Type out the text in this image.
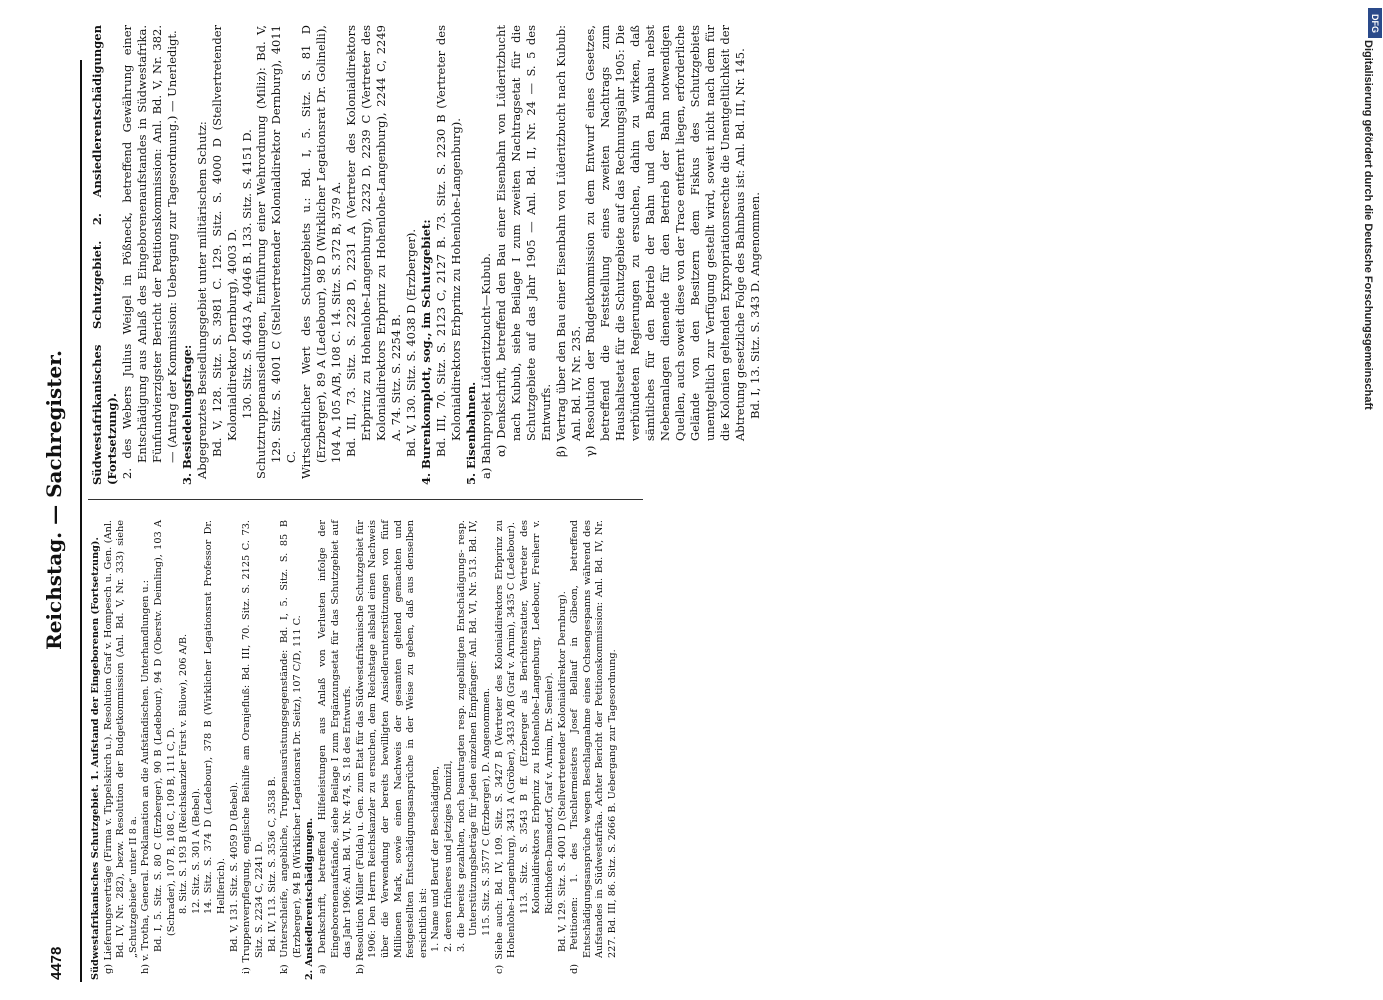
4478
Reichstag. — Sachregister.

Südwestafrikanisches Schutzgebiet. 1. Aufstand der Eingeborenen (Fortsetzung). g) Lieferungsverträge (Firma v. Tippelskirch u.). Resolution Graf v. Hompesch u. Gen. (Anl. Bd. IV, Nr. 282), bezw. Resolution der Budgetkommission (Anl. Bd. V, Nr. 333) siehe „Schutzgebiete“ unter II 8 a. h) v. Trotha, General. Proklamation an die Aufständischen. Unterhandlungen u.: Bd. I, 5. Sitz. S. 80 C (Erzberger), 90 B (Ledebour), 94 D (Oberstv. Deimling), 103 A (Schrader), 107 B, 108 C, 109 B, 111 C, D. 8. Sitz. S. 193 B (Reichskanzler Fürst v. Bülow), 206 A/B. 12. Sitz. S. 301 A (Bebel). 14. Sitz. S. 374 D (Ledebour), 378 B (Wirklicher Legationsrat Professor Dr. Hellferich). Bd. V, 131. Sitz. S. 4059 D (Bebel). i) Truppenverpflegung, englische Beihilfe am Oranjefluß: Bd. III, 70. Sitz. S. 2125 C. 73. Sitz. S. 2234 C, 2241 D. Bd. IV, 113. Sitz. S. 3536 C, 3538 B. k) Unterschleife, angebliche, Truppenausrüstungsgegenstände: Bd. I, 5. Sitz. S. 85 B (Erzberger), 94 B (Wirklicher Legationsrat Dr. Seitz), 107 C/D, 111 C. 2. Ansiedlerentschädigungen. a) Denkschrift, betreffend Hilfeleistungen aus Anlaß von Verlusten infolge der Eingeborenenaufstände, siehe Beilage I zum Ergänzungsetat für das Schutzgebiet auf das Jahr 1906: Anl. Bd. VI, Nr. 474, S. 18 des Entwurfs. b) Resolution Müller (Fulda) u. Gen. zum Etat für das Südwestafrikanische Schutzgebiet für 1906: Den Herrn Reichskanzler zu ersuchen, dem Reichstage alsbald einen Nachweis über die Verwendung der bereits bewilligten Ansiedlerunterstützungen von fünf Millionen Mark, sowie einen Nachweis der gesamten geltend gemachten und festgestellten Entschädigungsansprüche in der Weise zu geben, daß aus denselben ersichtlich ist: 1. Name und Beruf der Beschädigten, 2. deren früheres und jetziges Domizil, 3. die bereits gezahlten, noch beantragten resp. zugebilligten Entschädigungs- resp. Unterstützungsbeträge für jeden einzelnen Empfänger: Anl. Bd. VI, Nr. 513. Bd. IV, 115. Sitz. S. 3577 C (Erzberger), D. Angenommen. c) Siehe auch: Bd. IV, 109. Sitz. S. 3427 B (Vertreter des Kolonialdirektors Erbprinz zu Hohenlohe-Langenburg), 3431 A (Gröber), 3433 A/B (Graf v. Arnim), 3435 C (Ledebour). 113. Sitz. S. 3543 B ff. (Erzberger als Berichterstatter, Vertreter des Kolonialdirektors Erbprinz zu Hohenlohe-Langenburg, Ledebour, Freiherr v. Richthofen-Damsdorf, Graf v. Arnim, Dr. Semler). Bd. V, 129. Sitz. S. 4001 D (Stellvertretender Kolonialdirektor Dernburg). d) Petitionen: 1. des Tischlermeisters Josef Bellauf in Gibeon, betreffend Entschädigungsansprüche wegen Beschlagnahme eines Ochsengespanns während des Aufstandes in Südwestafrika. Achter Bericht der Petitionskommission: Anl. Bd. IV, Nr. 227. Bd. III, 86. Sitz. S. 2666 B. Uebergang zur Tagesordnung.

Südwestafrikanisches Schutzgebiet. 2. Ansiedlerentschädigungen (Fortsetzung). 2. des Webers Julius Weigel in Pößneck, betreffend Gewährung einer Entschädigung aus Anlaß des Eingeborenenaufstandes in Südwestafrika. Fünfundvierzigster Bericht der Petitionskommission: Anl. Bd. V, Nr. 382. — (Antrag der Kommission: Uebergang zur Tagesordnung.) — Unerledigt. 3. Besiedelungsfrage: Abgegrenztes Besiedlungsgebiet unter militärischem Schutz: Bd. V, 128. Sitz. S. 3981 C. 129. Sitz. S. 4000 D (Stellvertretender Kolonialdirektor Dernburg), 4003 D. 130. Sitz. S. 4043 A, 4046 B. 133. Sitz. S. 4151 D. Schutztruppenansiedlungen, Einführung einer Wehrordnung (Miliz): Bd. V, 129. Sitz. S. 4001 C (Stellvertretender Kolonialdirektor Dernburg), 4011 C. Wirtschaftlicher Wert des Schutzgebiets u.: Bd. I, 5. Sitz. S. 81 D (Erzberger), 89 A (Ledebour), 98 D (Wirklicher Legationsrat Dr. Golinelli), 104 A, 105 A/B, 108 C. 14. Sitz. S. 372 B, 379 A. Bd. III, 73. Sitz. S. 2228 D, 2231 A (Vertreter des Kolonialdirektors Erbprinz zu Hohenlohe-Langenburg), 2232 D, 2239 C (Vertreter des Kolonialdirektors Erbprinz zu Hohenlohe-Langenburg), 2244 C, 2249 A. 74. Sitz. S. 2254 B. Bd. V, 130. Sitz. S. 4038 D (Erzberger). 4. Burenkomplott, sog., im Schutzgebiet: Bd. III, 70. Sitz. S. 2123 C, 2127 B. 73. Sitz. S. 2230 B (Vertreter des Kolonialdirektors Erbprinz zu Hohenlohe-Langenburg). 5. Eisenbahnen. a) Bahnprojekt Lüderitzbucht—Kubub. α) Denkschrift, betreffend den Bau einer Eisenbahn von Lüderitzbucht nach Kubub, siehe Beilage I zum zweiten Nachtragsetat für die Schutzgebiete auf das Jahr 1905 — Anl. Bd. II, Nr. 24 — S. 5 des Entwurfs. β) Vertrag über den Bau einer Eisenbahn von Lüderitzbucht nach Kubub: Anl. Bd. IV, Nr. 235. γ) Resolution der Budgetkommission zu dem Entwurf eines Gesetzes, betreffend die Feststellung eines zweiten Nachtrags zum Haushaltsetat für die Schutzgebiete auf das Rechnungsjahr 1905: Die verbündeten Regierungen zu ersuchen, dahin zu wirken, daß sämtliches für den Betrieb der Bahn und den Bahnbau nebst Nebenanlagen dienende für den Betrieb der Bahn notwendigen Quellen, auch soweit diese von der Trace entfernt liegen, erforderliche Gelände von den Besitzern dem Fiskus des Schutzgebiets unentgeltlich zur Verfügung gestellt wird, soweit nicht nach dem für die Kolonien geltenden Expropriationsrechte die Unentgeltlichkeit der Abtretung gesetzliche Folge des Bahnbaus ist: Anl. Bd. III, Nr. 145. Bd. I, 13. Sitz. S. 343 D. Angenommen.	Digitalisierung gefördert durch die Deutsche Forschungsgemeinschaft
DFG
